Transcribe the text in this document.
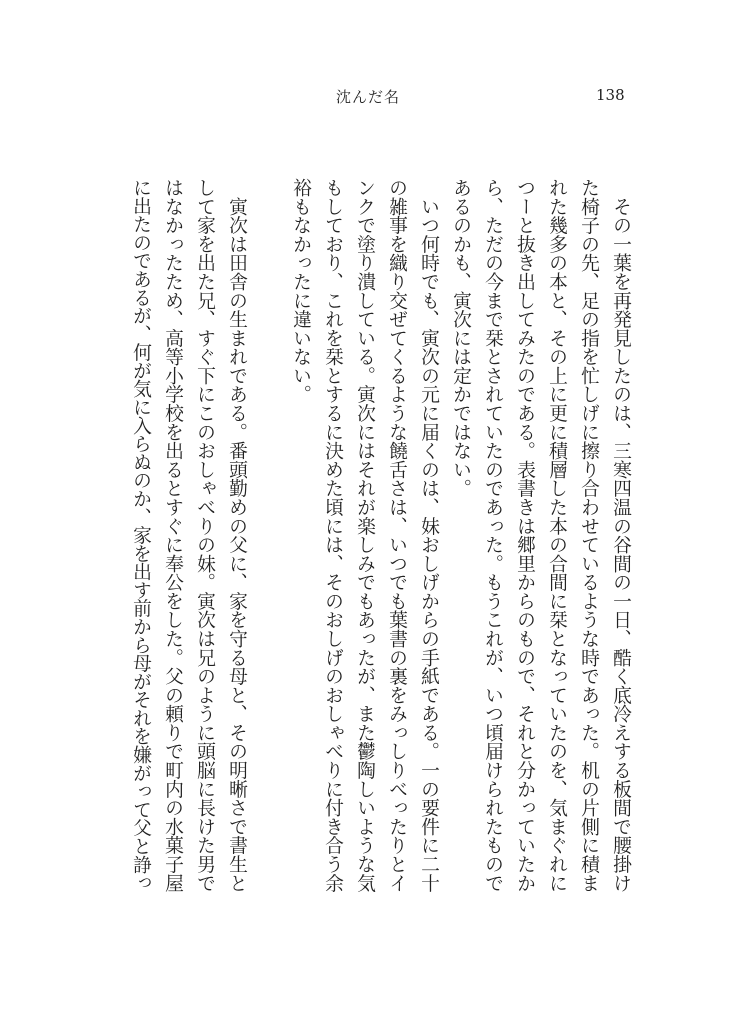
沈んだ名	138
　その一葉を再発見したのは、三寒四温の谷間の一日、酷く底冷えする板間で腰掛け
た椅子の先、足の指を忙しげに擦り合わせているような時であった。机の片側に積ま
れた幾多の本と、その上に更に積層した本の合間に栞となっていたのを、気まぐれに
つーと抜き出してみたのである。表書きは郷里からのもので、それと分かっていたか
ら、ただの今まで栞とされていたのであった。もうこれが、いつ頃届けられたもので
あるのかも、寅次には定かではない。
　いつ何時でも、寅次の元に届くのは、妹おしげからの手紙である。一の要件に二十
の雑事を織り交ぜてくるような饒舌さは、いつでも葉書の裏をみっしりべったりとイ
ンクで塗り潰している。寅次にはそれが楽しみでもあったが、また鬱陶しいような気
もしており、これを栞とするに決めた頃には、そのおしげのおしゃべりに付き合う余
裕もなかったに違いない。
　寅次は田舎の生まれである。番頭勤めの父に、家を守る母と、その明晰さで書生と
して家を出た兄、すぐ下にこのおしゃべりの妹。寅次は兄のように頭脳に長けた男で
はなかったため、高等小学校を出るとすぐに奉公をした。父の頼りで町内の水菓子屋
に出たのであるが、何が気に入らぬのか、家を出す前から母がそれを嫌がって父と諍っ
